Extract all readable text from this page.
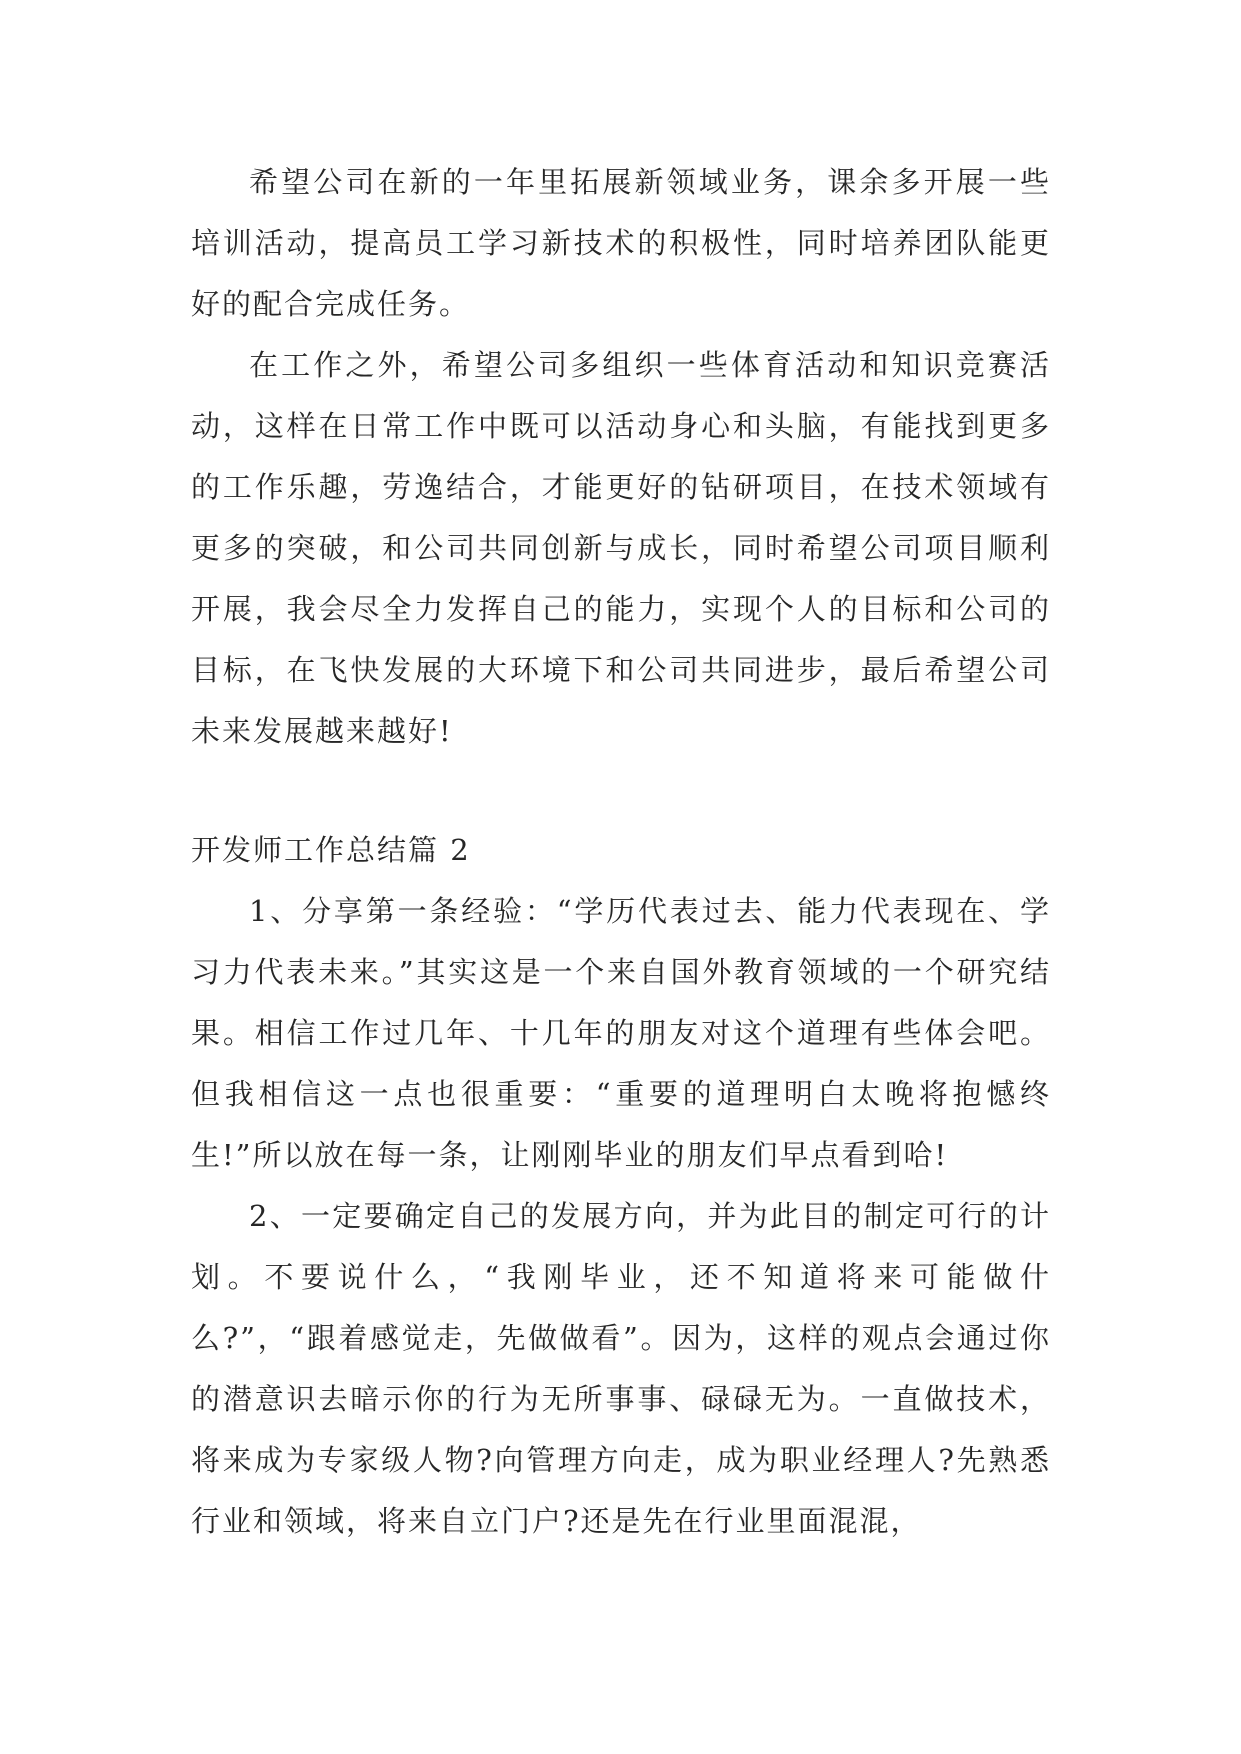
希望公司在新的一年里拓展新领域业务，课余多开展一些培训活动，提高员工学习新技术的积极性，同时培养团队能更好的配合完成任务。

在工作之外，希望公司多组织一些体育活动和知识竞赛活动，这样在日常工作中既可以活动身心和头脑，有能找到更多的工作乐趣，劳逸结合，才能更好的钻研项目，在技术领域有更多的突破，和公司共同创新与成长，同时希望公司项目顺利开展，我会尽全力发挥自己的能力，实现个人的目标和公司的目标，在飞快发展的大环境下和公司共同进步，最后希望公司未来发展越来越好!

开发师工作总结篇 2

1、分享第一条经验：“学历代表过去、能力代表现在、学习力代表未来。”其实这是一个来自国外教育领域的一个研究结果。相信工作过几年、十几年的朋友对这个道理有些体会吧。但我相信这一点也很重要：“重要的道理明白太晚将抱憾终生!”所以放在每一条，让刚刚毕业的朋友们早点看到哈!

2、一定要确定自己的发展方向，并为此目的制定可行的计划。不要说什么，“我刚毕业，还不知道将来可能做什么?”，“跟着感觉走，先做做看”。因为，这样的观点会通过你的潜意识去暗示你的行为无所事事、碌碌无为。一直做技术，将来成为专家级人物?向管理方向走，成为职业经理人?先熟悉行业和领域，将来自立门户?还是先在行业里面混混，
